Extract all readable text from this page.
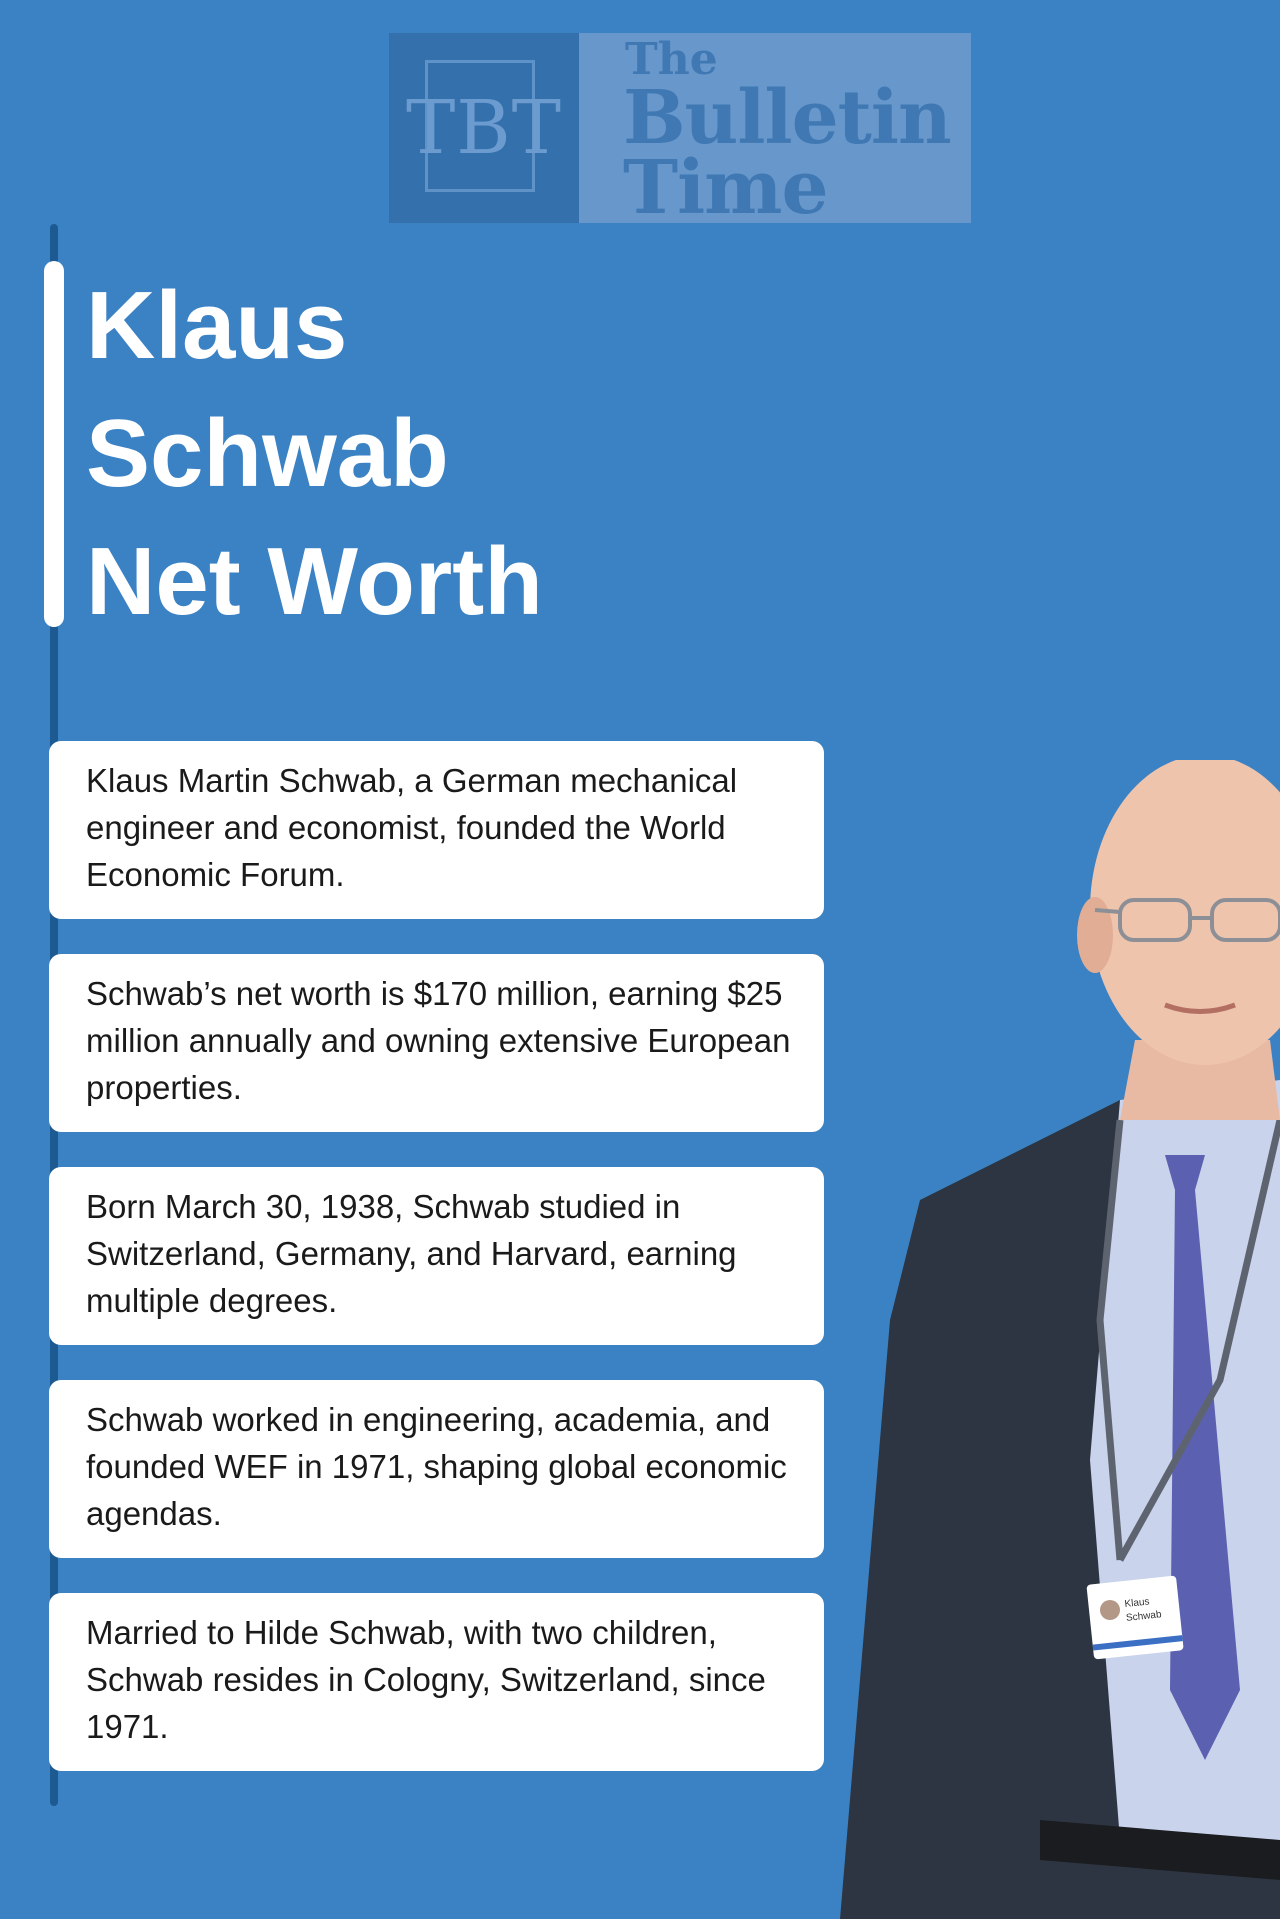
TBT
The
Bulletin
Time
Klaus
Schwab
Net Worth
Klaus Martin Schwab, a German mechanical engineer and economist, founded the World Economic Forum.
Schwab’s net worth is $170 million, earning $25 million annually and owning extensive European properties.
Born March 30, 1938, Schwab studied in Switzerland, Germany, and Harvard, earning multiple degrees.
Schwab worked in engineering, academia, and founded WEF in 1971, shaping global economic agendas.
Married to Hilde Schwab, with two children, Schwab resides in Cologny, Switzerland, since 1971.
Klaus
Schwab
